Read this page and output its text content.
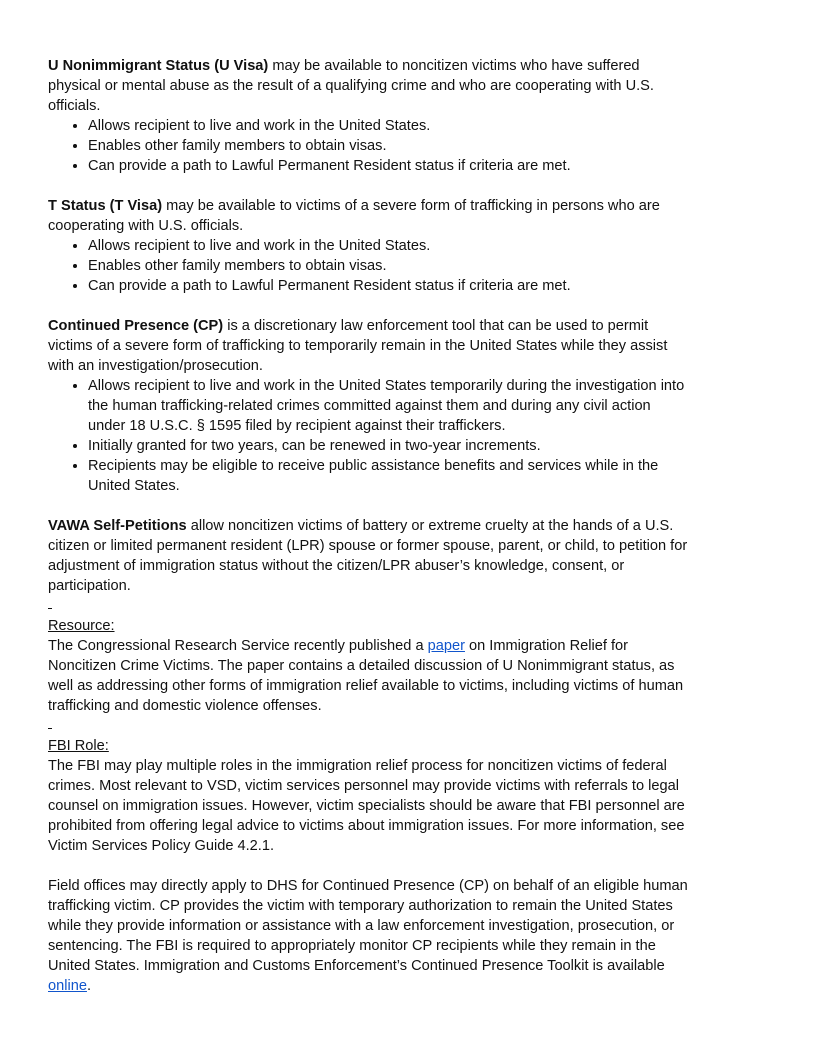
U Nonimmigrant Status (U Visa) may be available to noncitizen victims who have suffered physical or mental abuse as the result of a qualifying crime and who are cooperating with U.S. officials.

• Allows recipient to live and work in the United States.
• Enables other family members to obtain visas.
• Can provide a path to Lawful Permanent Resident status if criteria are met.

T Status (T Visa) may be available to victims of a severe form of trafficking in persons who are cooperating with U.S. officials.

• Allows recipient to live and work in the United States.
• Enables other family members to obtain visas.
• Can provide a path to Lawful Permanent Resident status if criteria are met.

Continued Presence (CP) is a discretionary law enforcement tool that can be used to permit victims of a severe form of trafficking to temporarily remain in the United States while they assist with an investigation/prosecution.

• Allows recipient to live and work in the United States temporarily during the investigation into the human trafficking-related crimes committed against them and during any civil action under 18 U.S.C. § 1595 filed by recipient against their traffickers.
• Initially granted for two years, can be renewed in two-year increments.
• Recipients may be eligible to receive public assistance benefits and services while in the United States.

VAWA Self-Petitions allow noncitizen victims of battery or extreme cruelty at the hands of a U.S. citizen or limited permanent resident (LPR) spouse or former spouse, parent, or child, to petition for adjustment of immigration status without the citizen/LPR abuser’s knowledge, consent, or participation.

Resource:

The Congressional Research Service recently published a paper on Immigration Relief for Noncitizen Crime Victims. The paper contains a detailed discussion of U Nonimmigrant status, as well as addressing other forms of immigration relief available to victims, including victims of human trafficking and domestic violence offenses.

FBI Role:

The FBI may play multiple roles in the immigration relief process for noncitizen victims of federal crimes. Most relevant to VSD, victim services personnel may provide victims with referrals to legal counsel on immigration issues. However, victim specialists should be aware that FBI personnel are prohibited from offering legal advice to victims about immigration issues. For more information, see Victim Services Policy Guide 4.2.1.

Field offices may directly apply to DHS for Continued Presence (CP) on behalf of an eligible human trafficking victim. CP provides the victim with temporary authorization to remain the United States while they provide information or assistance with a law enforcement investigation, prosecution, or sentencing. The FBI is required to appropriately monitor CP recipients while they remain in the United States. Immigration and Customs Enforcement’s Continued Presence Toolkit is available online.
